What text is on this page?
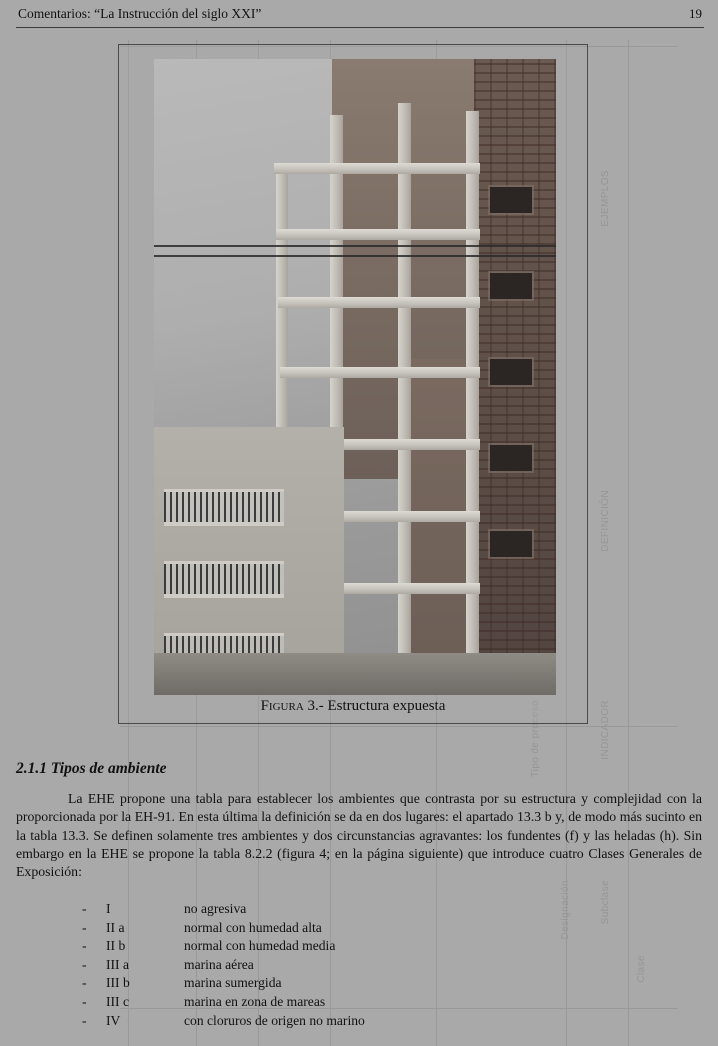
EJEMPLOS
DEFINICIÓN
INDICADOR
Clase
Subclase
Designación
Tipo de proceso
Comentarios: “La Instrucción del siglo XXI”	19
Figura 3.- Estructura expuesta
2.1.1 Tipos de ambiente
La EHE propone una tabla para establecer los ambientes que contrasta por su estructura y complejidad con la proporcionada por la EH-91. En esta última la definición se da en dos lugares: el apartado 13.3 b y, de modo más sucinto en la tabla 13.3. Se definen solamente tres ambientes y dos circunstancias agravantes: los fundentes (f) y las heladas (h). Sin embargo en la EHE se propone la tabla 8.2.2 (figura 4; en la página siguiente) que introduce cuatro Clases Generales de Exposición:
-	I	no agresiva
-	II a	normal con humedad alta
-	II b	normal con humedad media
-	III a	marina aérea
-	III b	marina sumergida
-	III c	marina en zona de mareas
-	IV	con cloruros de origen no marino
